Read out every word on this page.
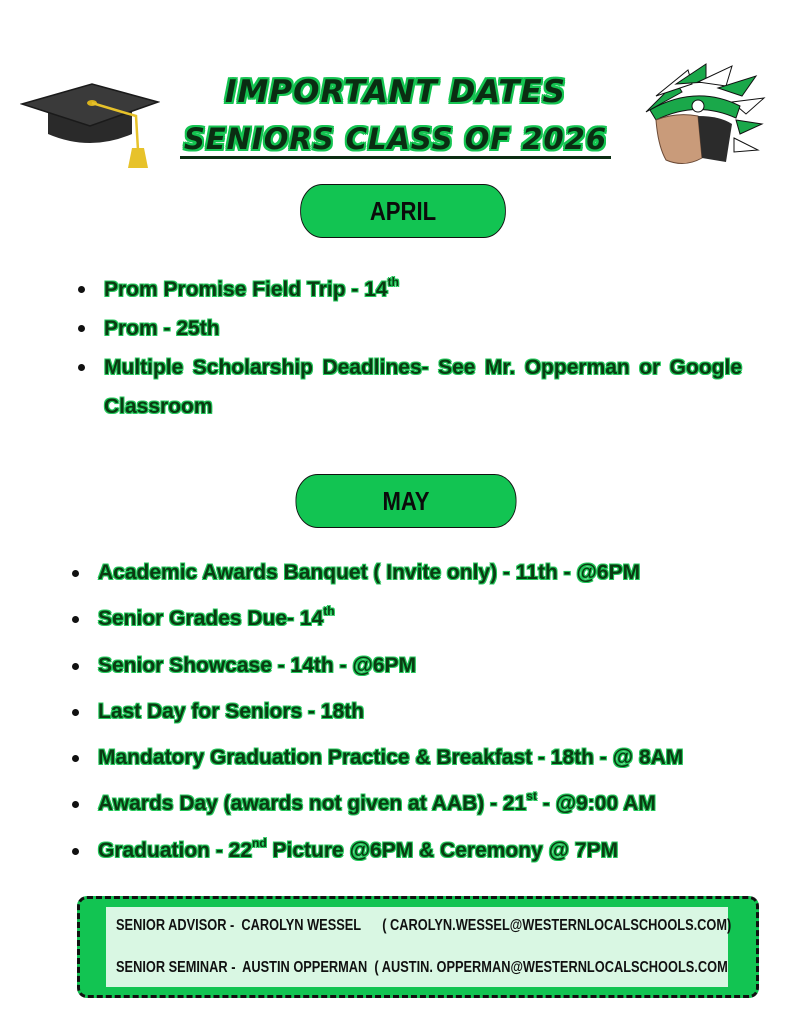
IMPORTANT DATES
SENIORS CLASS OF 2026
APRIL
Prom Promise Field Trip - 14th
Prom - 25th
Multiple Scholarship Deadlines- See Mr. Opperman or Google Classroom
MAY
Academic Awards Banquet ( Invite only) - 11th - @6PM
Senior Grades Due- 14th
Senior Showcase - 14th - @6PM
Last Day for Seniors - 18th
Mandatory Graduation Practice & Breakfast - 18th - @ 8AM
Awards Day (awards not given at AAB) - 21st - @9:00 AM
Graduation - 22nd Picture @6PM & Ceremony @ 7PM
SENIOR ADVISOR -  CAROLYN WESSEL      ( CAROLYN.WESSEL@WESTERNLOCALSCHOOLS.COM)
SENIOR SEMINAR -  AUSTIN OPPERMAN  ( AUSTIN. OPPERMAN@WESTERNLOCALSCHOOLS.COM
